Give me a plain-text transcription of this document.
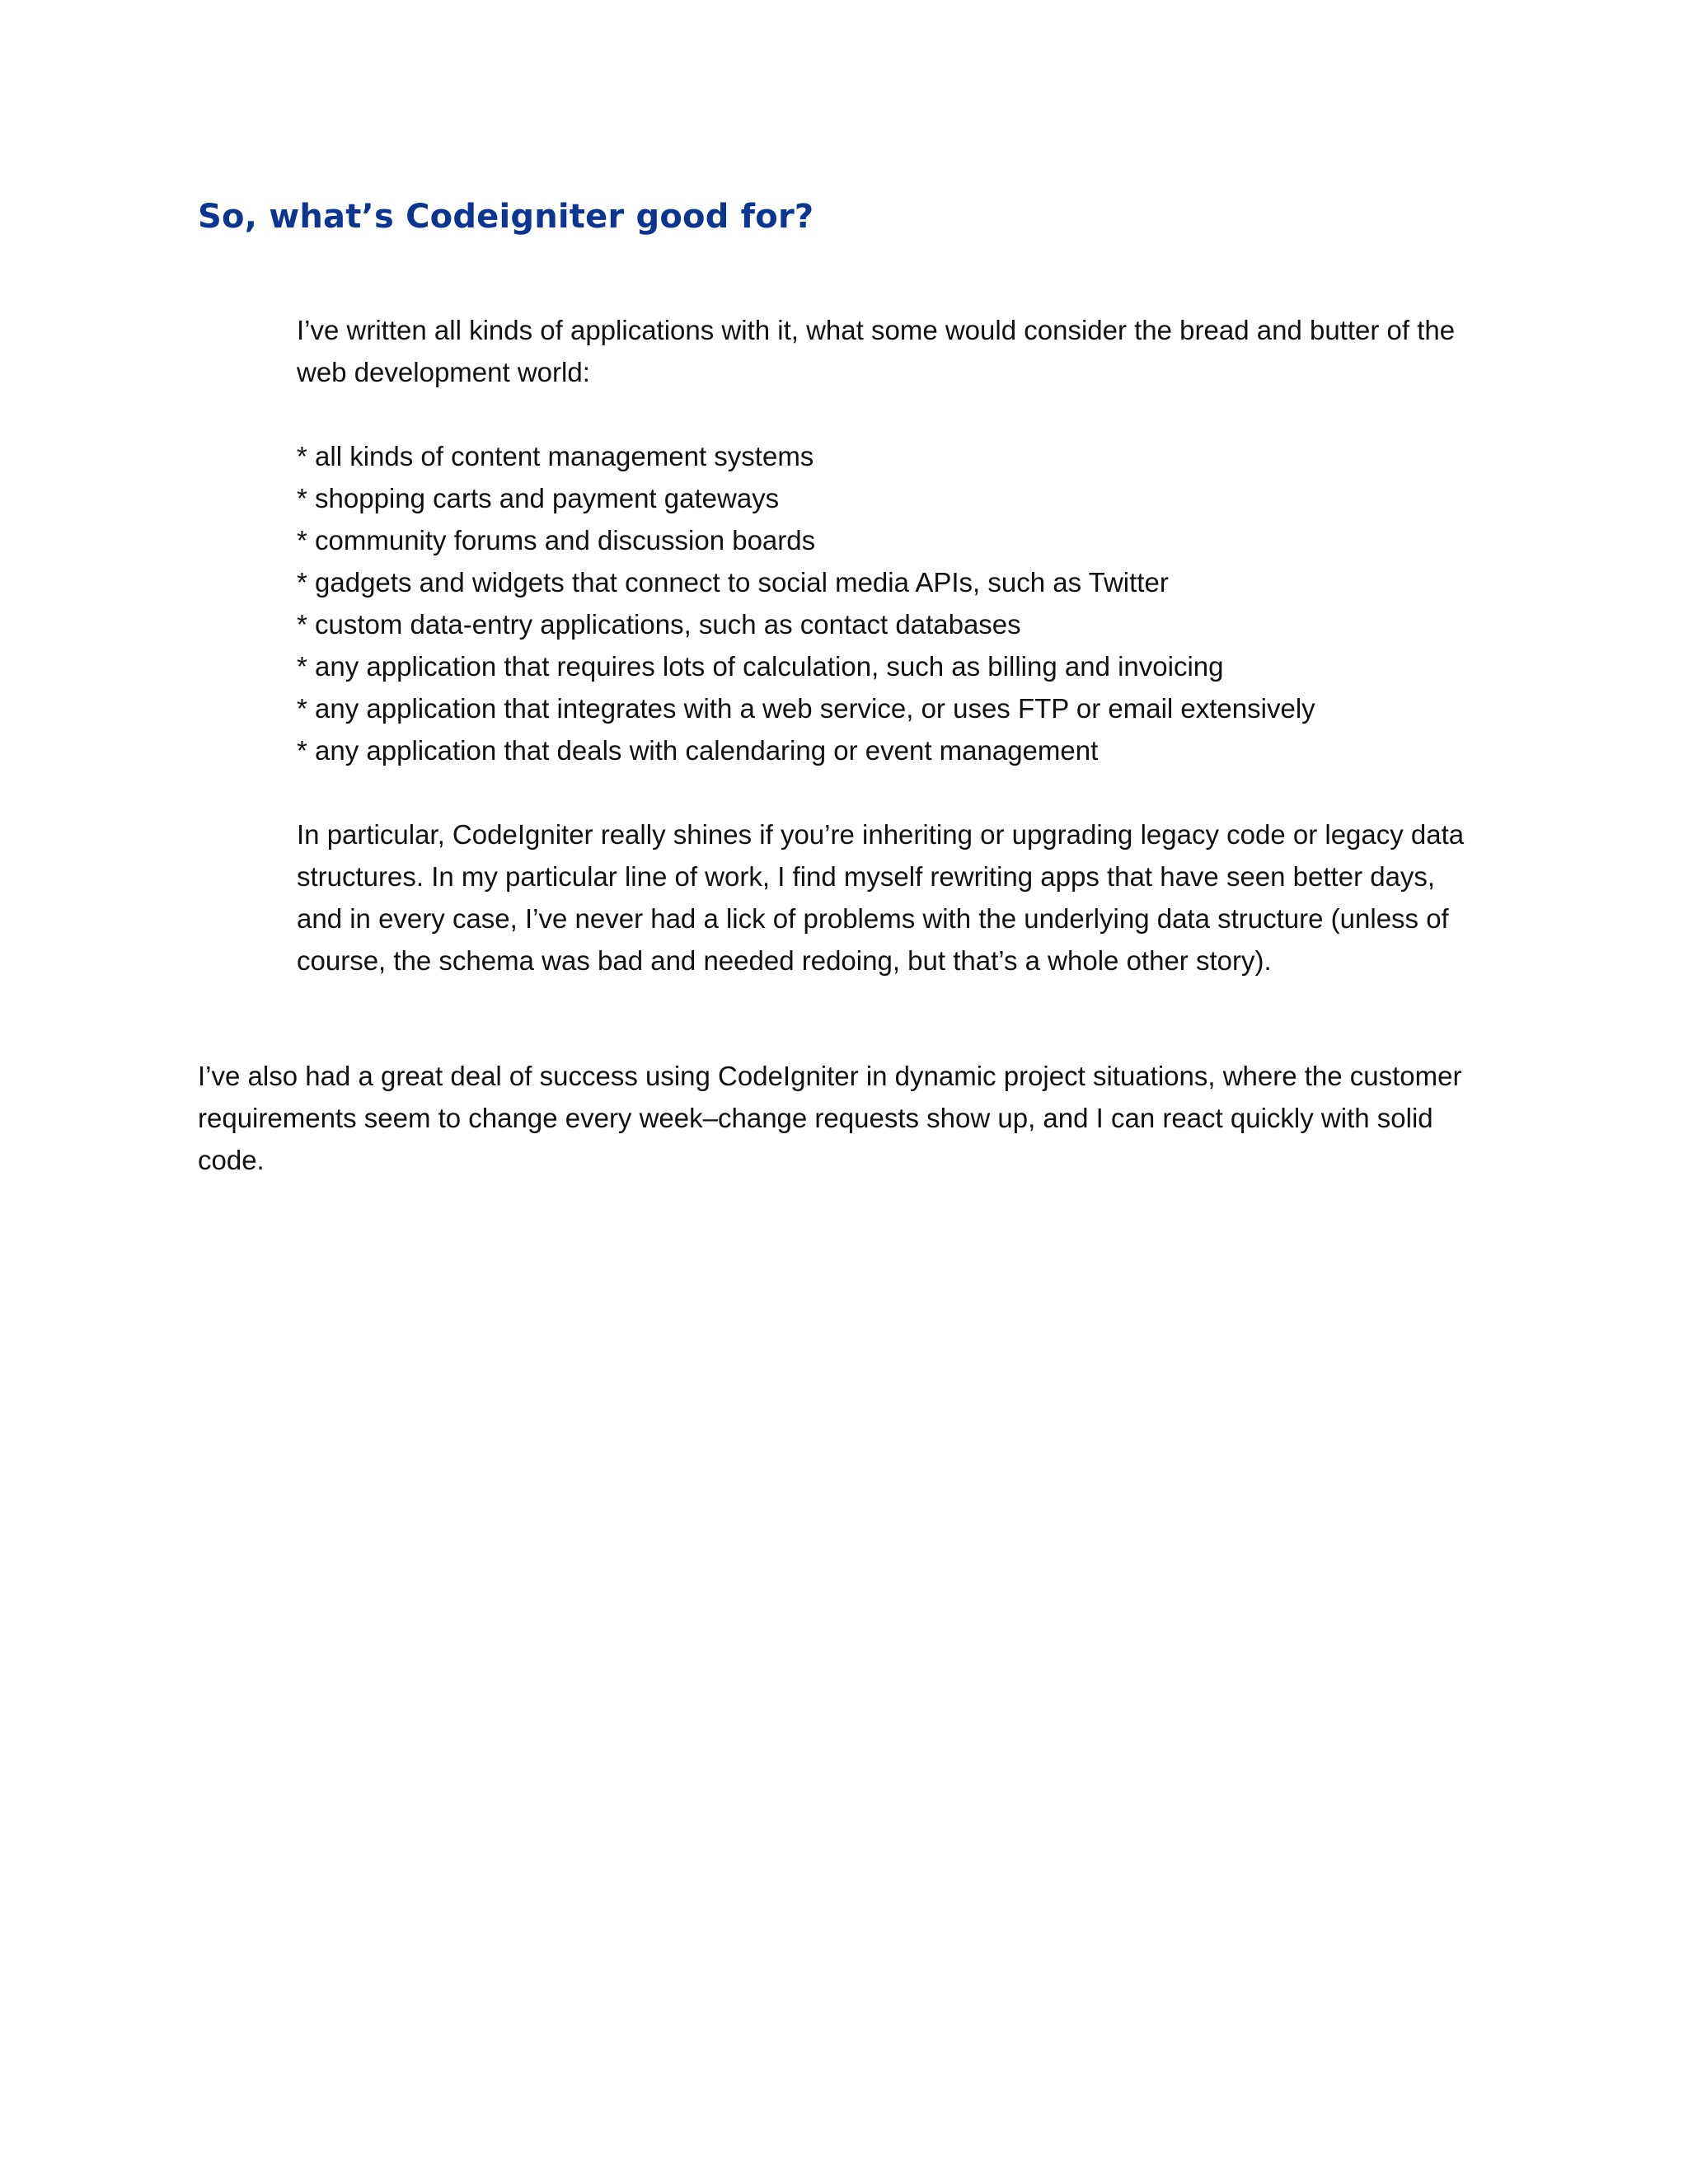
So, what’s Codeigniter good for?

I’ve written all kinds of applications with it, what some would consider the bread and butter of the web development world:

* all kinds of content management systems
* shopping carts and payment gateways
* community forums and discussion boards
* gadgets and widgets that connect to social media APIs, such as Twitter
* custom data-entry applications, such as contact databases
* any application that requires lots of calculation, such as billing and invoicing
* any application that integrates with a web service, or uses FTP or email extensively
* any application that deals with calendaring or event management

In particular, CodeIgniter really shines if you’re inheriting or upgrading legacy code or legacy data structures. In my particular line of work, I find myself rewriting apps that have seen better days, and in every case, I’ve never had a lick of problems with the underlying data structure (unless of course, the schema was bad and needed redoing, but that’s a whole other story).

I’ve also had a great deal of success using CodeIgniter in dynamic project situations, where the customer requirements seem to change every week–change requests show up, and I can react quickly with solid code.
